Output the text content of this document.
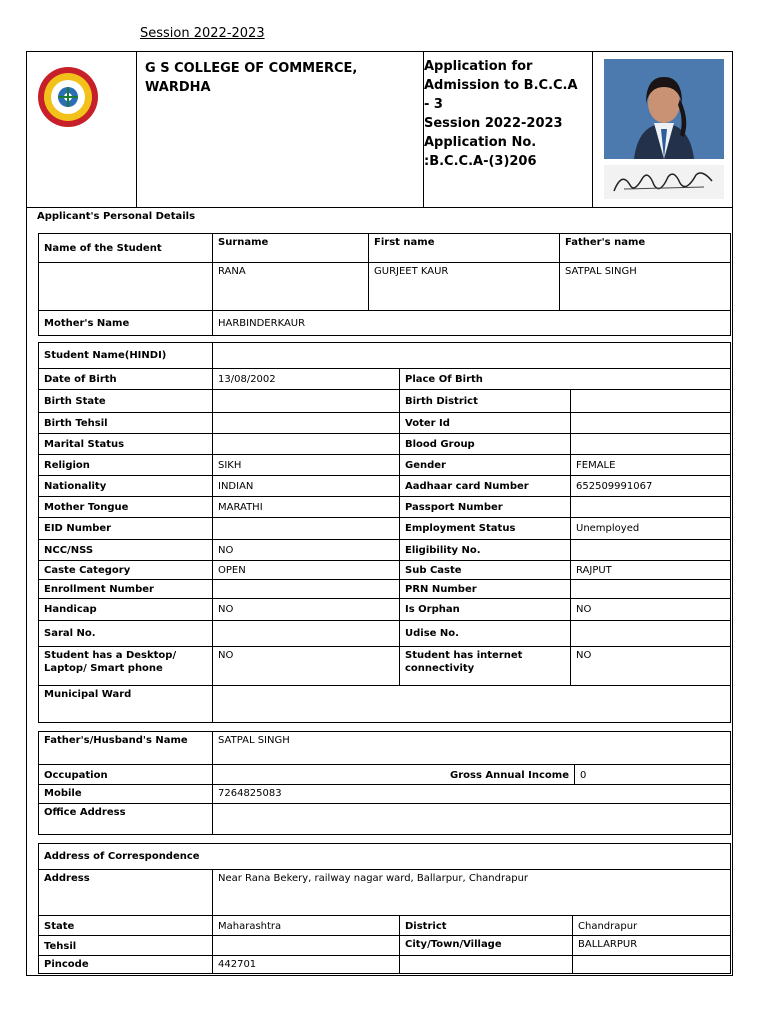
Session 2022-2023
G S COLLEGE OF COMMERCE, WARDHA
Application for
Admission to B.C.C.A
- 3
Session 2022-2023
Application No.
:B.C.C.A-(3)206
Applicant's Personal Details
Name of the Student	Surname	First name	Father's name
	RANA	GURJEET KAUR	SATPAL SINGH
Mother's Name	HARBINDERKAUR		
Student Name(HINDI)			
Date of Birth	13/08/2002	Place Of Birth	
Birth State		Birth District	
Birth Tehsil		Voter Id	
Marital Status		Blood Group	
Religion	SIKH	Gender	FEMALE
Nationality	INDIAN	Aadhaar card Number	652509991067
Mother Tongue	MARATHI	Passport Number	
EID Number		Employment Status	Unemployed
NCC/NSS	NO	Eligibility No.	
Caste Category	OPEN	Sub Caste	RAJPUT
Enrollment Number		PRN Number	
Handicap	NO	Is Orphan	NO
Saral No.		Udise No.	
Student has a Desktop/ Laptop/ Smart phone	NO	Student has internet connectivity	NO
Municipal Ward			
Father's/Husband's Name	SATPAL SINGH		
Occupation		Gross Annual Income	0
Mobile	7264825083		
Office Address			
Address of Correspondence			
Address	Near Rana Bekery, railway nagar ward, Ballarpur, Chandrapur		
State	Maharashtra	District	Chandrapur
Tehsil		City/Town/Village	BALLARPUR
Pincode	442701		
